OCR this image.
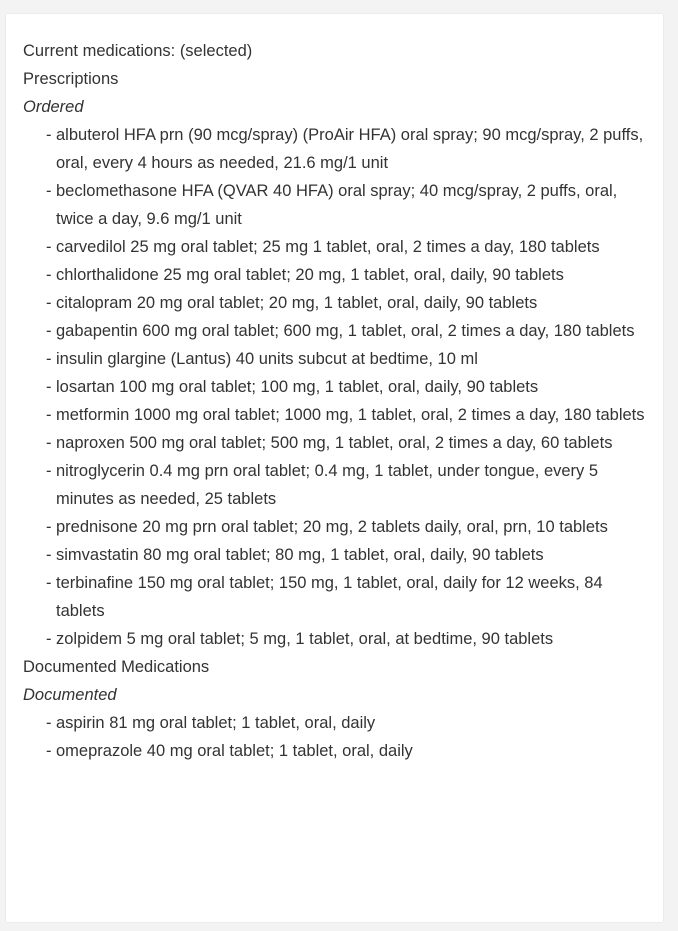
Current medications: (selected)
Prescriptions
Ordered
- albuterol HFA prn (90 mcg/spray) (ProAir HFA) oral spray; 90 mcg/spray, 2 puffs, oral, every 4 hours as needed, 21.6 mg/1 unit
- beclomethasone HFA (QVAR 40 HFA) oral spray; 40 mcg/spray, 2 puffs, oral, twice a day, 9.6 mg/1 unit
- carvedilol 25 mg oral tablet; 25 mg 1 tablet, oral, 2 times a day, 180 tablets
- chlorthalidone 25 mg oral tablet; 20 mg, 1 tablet, oral, daily, 90 tablets
- citalopram 20 mg oral tablet; 20 mg, 1 tablet, oral, daily, 90 tablets
- gabapentin 600 mg oral tablet; 600 mg, 1 tablet, oral, 2 times a day, 180 tablets
- insulin glargine (Lantus) 40 units subcut at bedtime, 10 ml
- losartan 100 mg oral tablet; 100 mg, 1 tablet, oral, daily, 90 tablets
- metformin 1000 mg oral tablet; 1000 mg, 1 tablet, oral, 2 times a day, 180 tablets
- naproxen 500 mg oral tablet; 500 mg, 1 tablet, oral, 2 times a day, 60 tablets
- nitroglycerin 0.4 mg prn oral tablet; 0.4 mg, 1 tablet, under tongue, every 5 minutes as needed, 25 tablets
- prednisone 20 mg prn oral tablet; 20 mg, 2 tablets daily, oral, prn, 10 tablets
- simvastatin 80 mg oral tablet; 80 mg, 1 tablet, oral, daily, 90 tablets
- terbinafine 150 mg oral tablet; 150 mg, 1 tablet, oral, daily for 12 weeks, 84 tablets
- zolpidem 5 mg oral tablet; 5 mg, 1 tablet, oral, at bedtime, 90 tablets
Documented Medications
Documented
- aspirin 81 mg oral tablet; 1 tablet, oral, daily
- omeprazole 40 mg oral tablet; 1 tablet, oral, daily
